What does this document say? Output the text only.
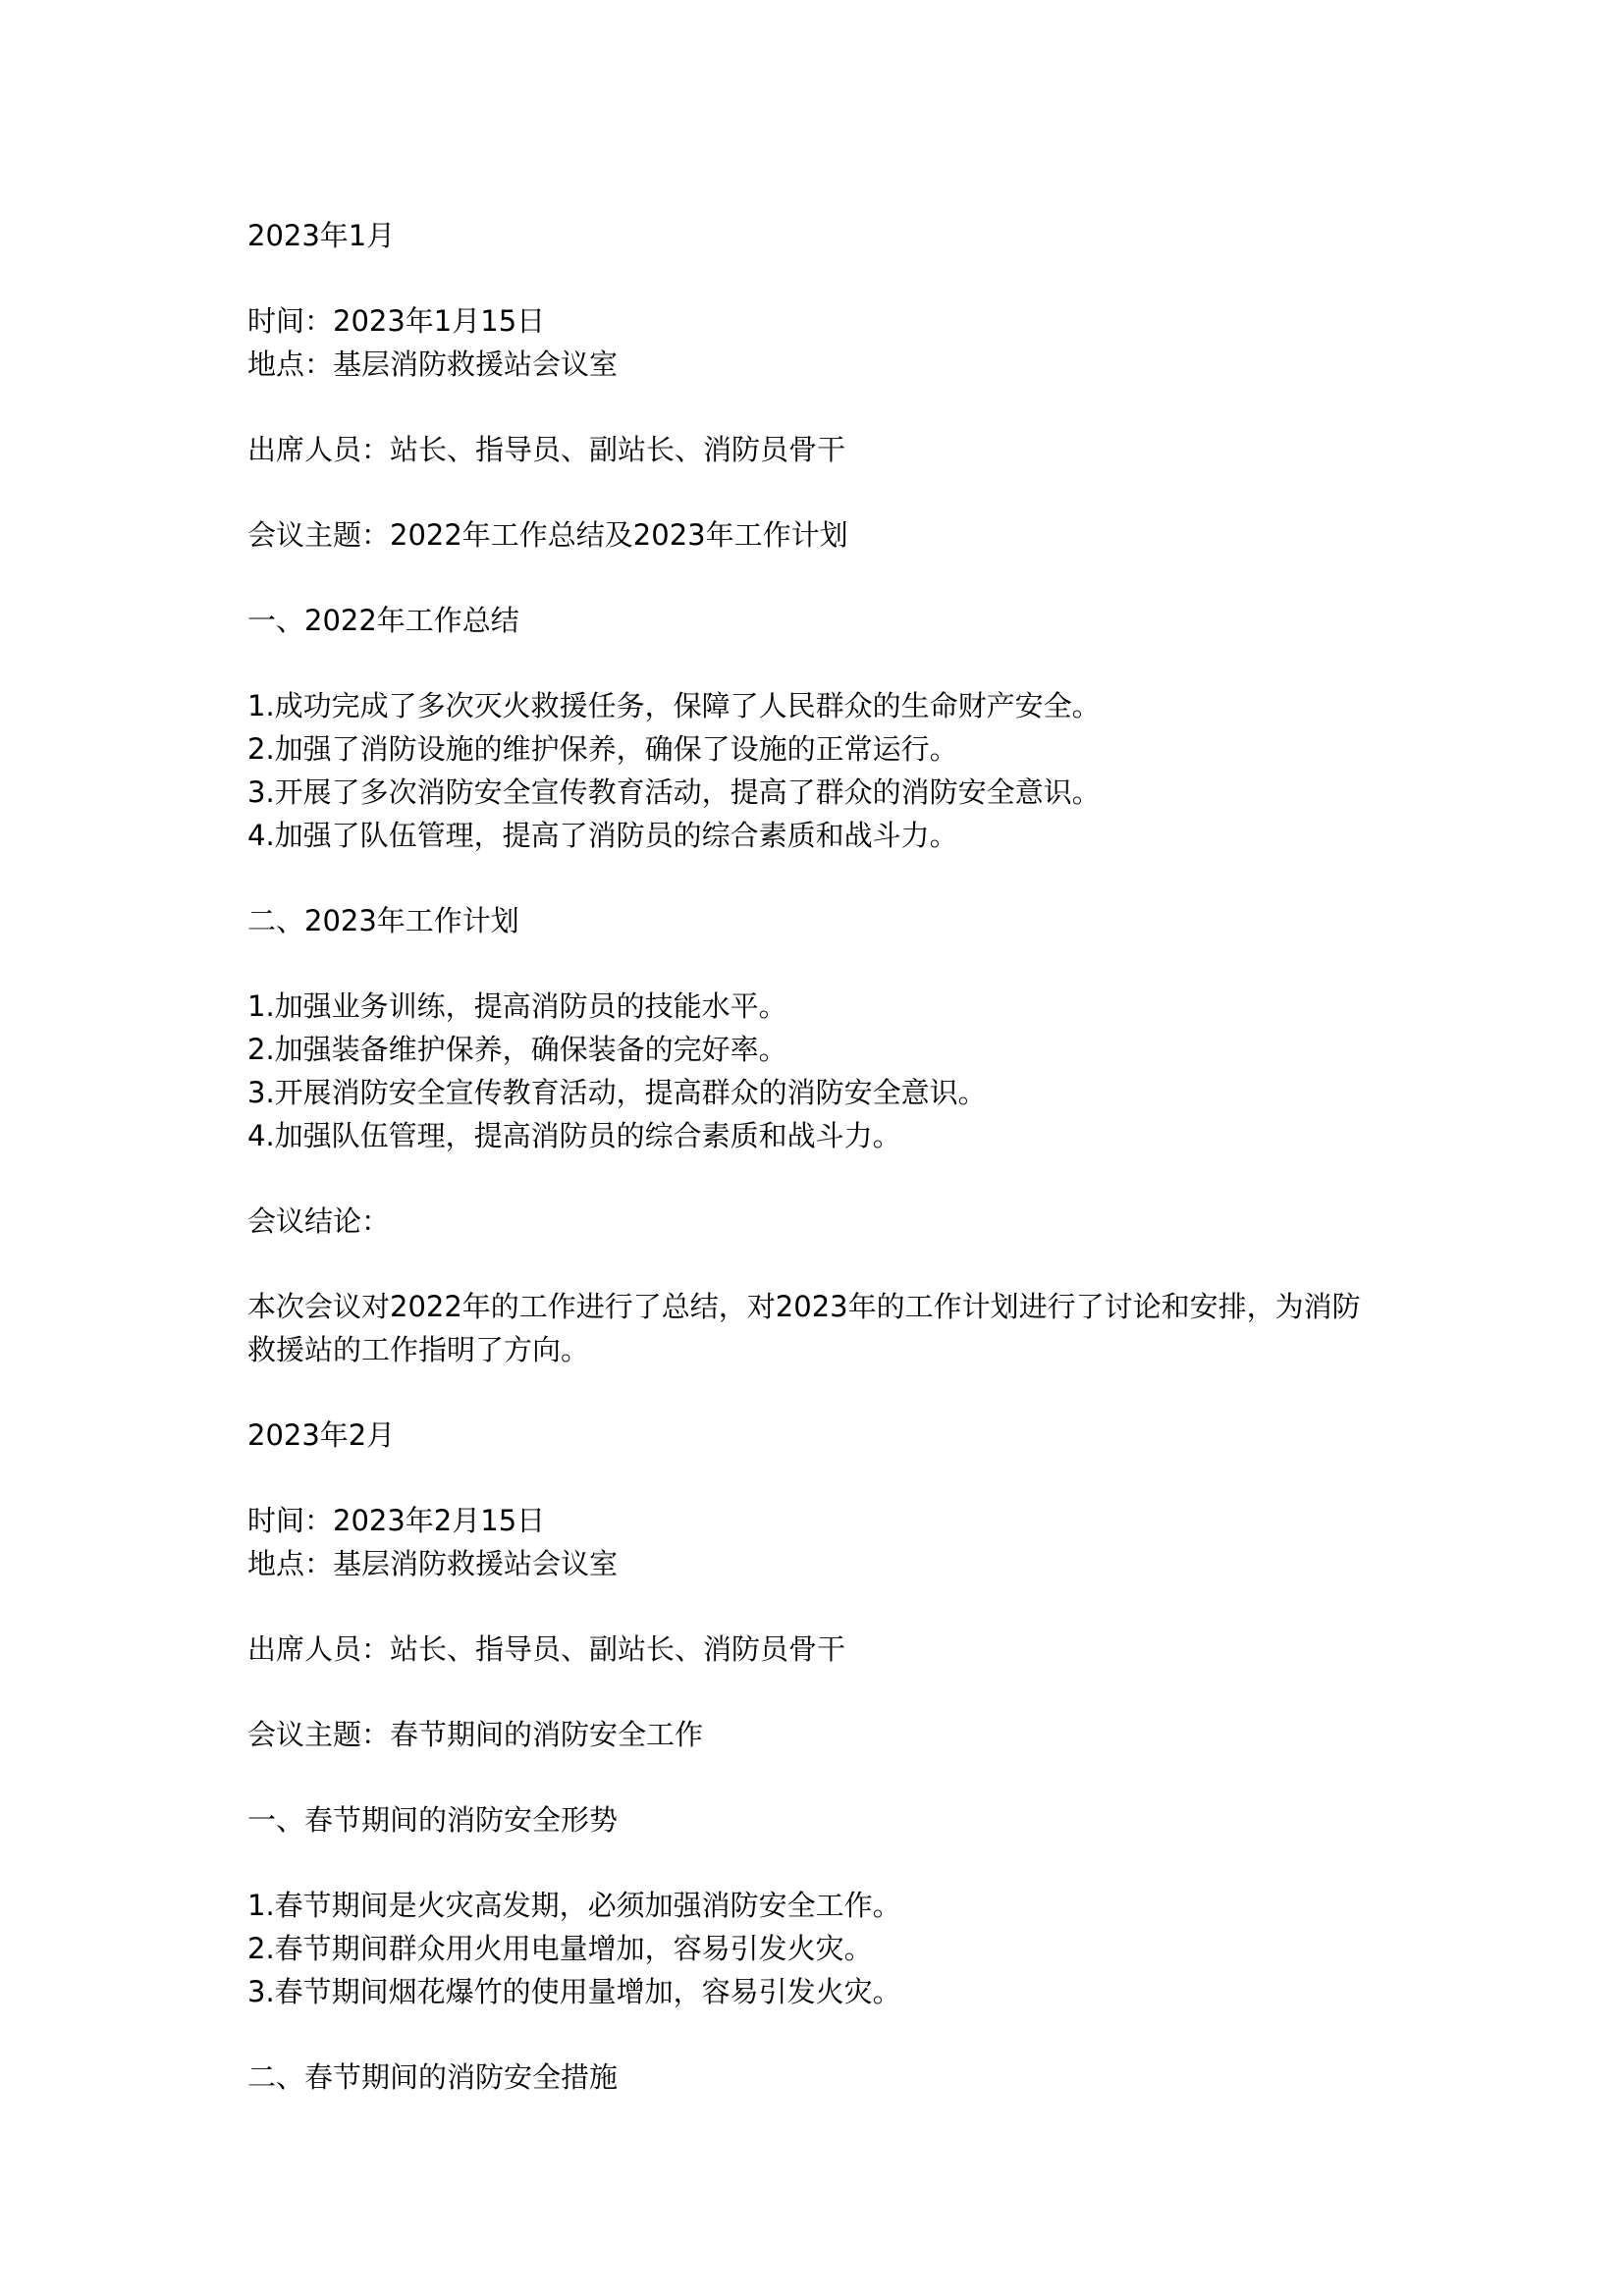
2023年1月

时间：2023年1月15日

地点：基层消防救援站会议室

出席人员：站长、指导员、副站长、消防员骨干

会议主题：2022年工作总结及2023年工作计划

一、2022年工作总结

1.成功完成了多次灭火救援任务，保障了人民群众的生命财产安全。

2.加强了消防设施的维护保养，确保了设施的正常运行。

3.开展了多次消防安全宣传教育活动，提高了群众的消防安全意识。

4.加强了队伍管理，提高了消防员的综合素质和战斗力。

二、2023年工作计划

1.加强业务训练，提高消防员的技能水平。

2.加强装备维护保养，确保装备的完好率。

3.开展消防安全宣传教育活动，提高群众的消防安全意识。

4.加强队伍管理，提高消防员的综合素质和战斗力。

会议结论：

本次会议对2022年的工作进行了总结，对2023年的工作计划进行了讨论和安排，为消防救援站的工作指明了方向。

2023年2月

时间：2023年2月15日

地点：基层消防救援站会议室

出席人员：站长、指导员、副站长、消防员骨干

会议主题：春节期间的消防安全工作

一、春节期间的消防安全形势

1.春节期间是火灾高发期，必须加强消防安全工作。

2.春节期间群众用火用电量增加，容易引发火灾。

3.春节期间烟花爆竹的使用量增加，容易引发火灾。

二、春节期间的消防安全措施
